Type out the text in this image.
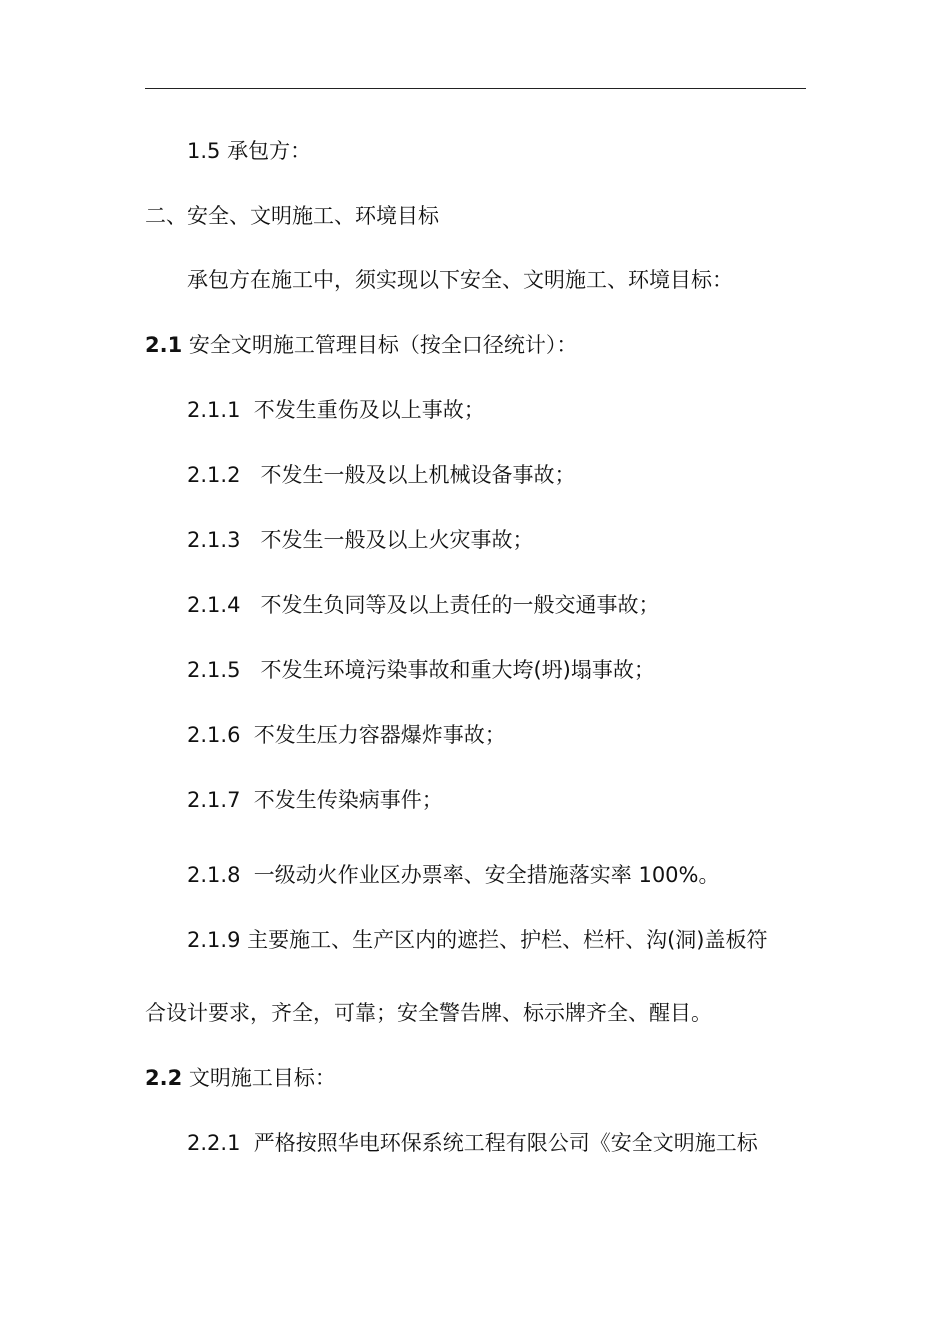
1.5 承包方：
二、安全、文明施工、环境目标
承包方在施工中，须实现以下安全、文明施工、环境目标：
2.1 安全文明施工管理目标（按全口径统计）：
2.1.1  不发生重伤及以上事故；
2.1.2   不发生一般及以上机械设备事故；
2.1.3   不发生一般及以上火灾事故；
2.1.4   不发生负同等及以上责任的一般交通事故；
2.1.5   不发生环境污染事故和重大垮(坍)塌事故；
2.1.6  不发生压力容器爆炸事故；
2.1.7  不发生传染病事件；
2.1.8  一级动火作业区办票率、安全措施落实率 100%。
2.1.9 主要施工、生产区内的遮拦、护栏、栏杆、沟(洞)盖板符
合设计要求，齐全，可靠；安全警告牌、标示牌齐全、醒目。
2.2 文明施工目标：
2.2.1  严格按照华电环保系统工程有限公司《安全文明施工标
